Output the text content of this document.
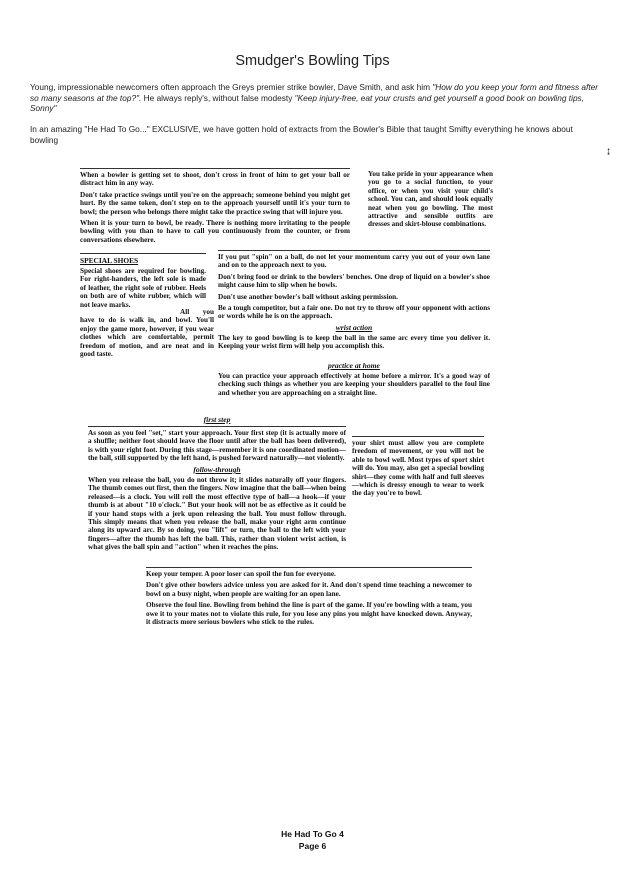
Smudger's Bowling Tips
Young, impressionable newcomers often approach the Greys premier strike bowler, Dave Smith, and ask him "How do you keep your form and fitness after so many seasons at the top?". He always reply's, without false modesty "Keep injury-free, eat your crusts and get yourself a good book on bowling tips, Sonny"
In an amazing "He Had To Go..." EXCLUSIVE, we have gotten hold of extracts from the Bowler's Bible that taught Smifty everything he knows about bowling
↨

When a bowler is getting set to shoot, don't cross in front of him to get your ball or distract him in any way.

Don't take practice swings until you're on the approach; someone behind you might get hurt. By the same token, don't step on to the approach yourself until it's your turn to bowl; the person who belongs there might take the practice swing that will injure you.

When it is your turn to bowl, be ready. There is nothing more irritating to the people bowling with you than to have to call you continuously from the counter, or from conversations elsewhere.

You take pride in your appearance when you go to a social function, to your office, or when you visit your child's school. You can, and should look equally neat when you go bowling. The most attractive and sensible outfits are dresses and skirt-blouse combinations.

SPECIAL SHOES

Special shoes are required for bowling. For right-handers, the left sole is made of leather, the right sole of rubber. Heels on both are of white rubber, which will not leave marks.

All you have to do is walk in, and bowl. You'll enjoy the game more, however, if you wear clothes which are comfortable, permit freedom of motion, and are neat and in good taste.

If you put "spin" on a ball, do not let your momentum carry you out of your own lane and on to the approach next to you.

Don't bring food or drink to the bowlers' benches. One drop of liquid on a bowler's shoe might cause him to slip when he bowls.

Don't use another bowler's ball without asking permission.

Be a tough competitor, but a fair one. Do not try to throw off your opponent with actions or words while he is on the approach.

wrist action

The key to good bowling is to keep the ball in the same arc every time you deliver it. Keeping your wrist firm will help you accomplish this.

practice at home

You can practice your approach effectively at home before a mirror. It's a good way of checking such things as whether you are keeping your shoulders parallel to the foul line and whether you are approaching on a straight line.

first step

As soon as you feel "set," start your approach. Your first step (it is actually more of a shuffle; neither foot should leave the floor until after the ball has been delivered), is with your right foot. During this stage—remember it is one coordinated motion—the ball, still supported by the left hand, is pushed forward naturally—not violently.

follow-through

When you release the ball, you do not throw it; it slides naturally off your fingers. The thumb comes out first, then the fingers. Now imagine that the ball—when being released—is a clock. You will roll the most effective type of ball—a hook—if your thumb is at about "10 o'clock." But your hook will not be as effective as it could be if your hand stops with a jerk upon releasing the ball. You must follow through. This simply means that when you release the ball, make your right arm continue along its upward arc. By so doing, you "lift" or turn, the ball to the left with your fingers—after the thumb has left the ball. This, rather than violent wrist action, is what gives the ball spin and "action" when it reaches the pins.

your shirt must allow you are complete freedom of movement, or you will not be able to bowl well. Most types of sport shirt will do. You may, also get a special bowling shirt—they come with half and full sleeves—which is dressy enough to wear to work the day you're to bowl.

Keep your temper. A poor loser can spoil the fun for everyone.

Don't give other bowlers advice unless you are asked for it. And don't spend time teaching a newcomer to bowl on a busy night, when people are waiting for an open lane.

Observe the foul line. Bowling from behind the line is part of the game. If you're bowling with a team, you owe it to your mates not to violate this rule, for you lose any pins you might have knocked down. Anyway, it distracts more serious bowlers who stick to the rules.

He Had To Go 4
Page 6
